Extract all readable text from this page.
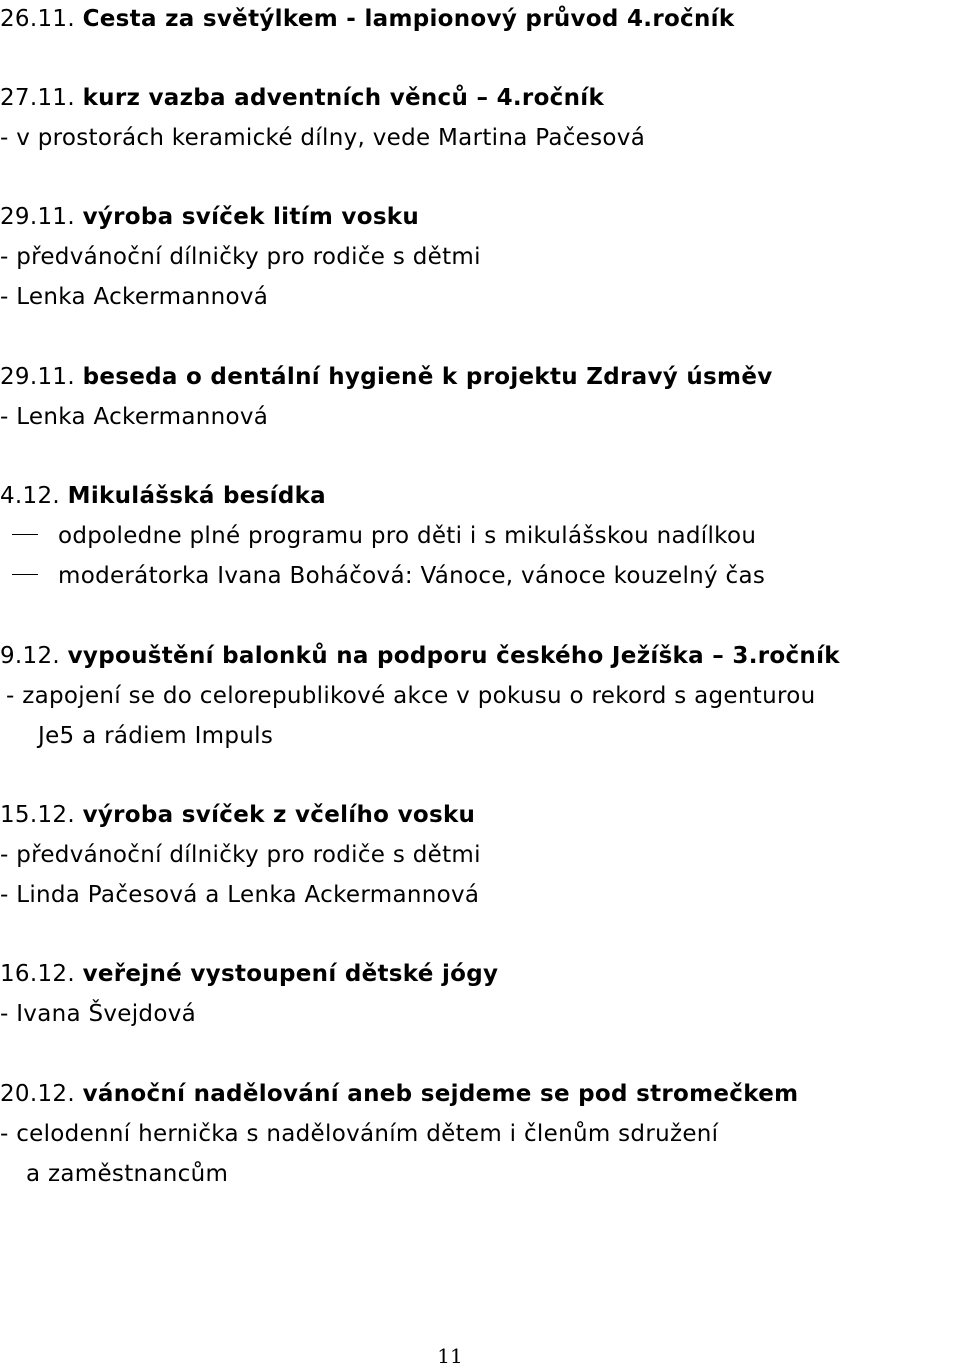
26.11. Cesta za světýlkem - lampionový průvod 4.ročník
27.11. kurz vazba adventních věnců – 4.ročník
- v prostorách keramické dílny, vede Martina Pačesová
29.11. výroba svíček litím vosku
- předvánoční dílničky pro rodiče s dětmi
- Lenka Ackermannová
29.11. beseda o dentální hygieně k projektu Zdravý úsměv
- Lenka Ackermannová
4.12. Mikulášská besídka
odpoledne plné programu pro děti i s mikulášskou nadílkou
moderátorka Ivana Boháčová: Vánoce, vánoce kouzelný čas
9.12. vypouštění balonků na podporu českého Ježíška – 3.ročník
- zapojení se do celorepublikové akce v pokusu o rekord s agenturou
Je5 a rádiem Impuls
15.12. výroba svíček z včelího vosku
- předvánoční dílničky pro rodiče s dětmi
- Linda Pačesová a Lenka Ackermannová
16.12. veřejné vystoupení dětské jógy
- Ivana Švejdová
20.12. vánoční nadělování aneb sejdeme se pod stromečkem
- celodenní hernička s nadělováním dětem i členům sdružení
a zaměstnancům
11
